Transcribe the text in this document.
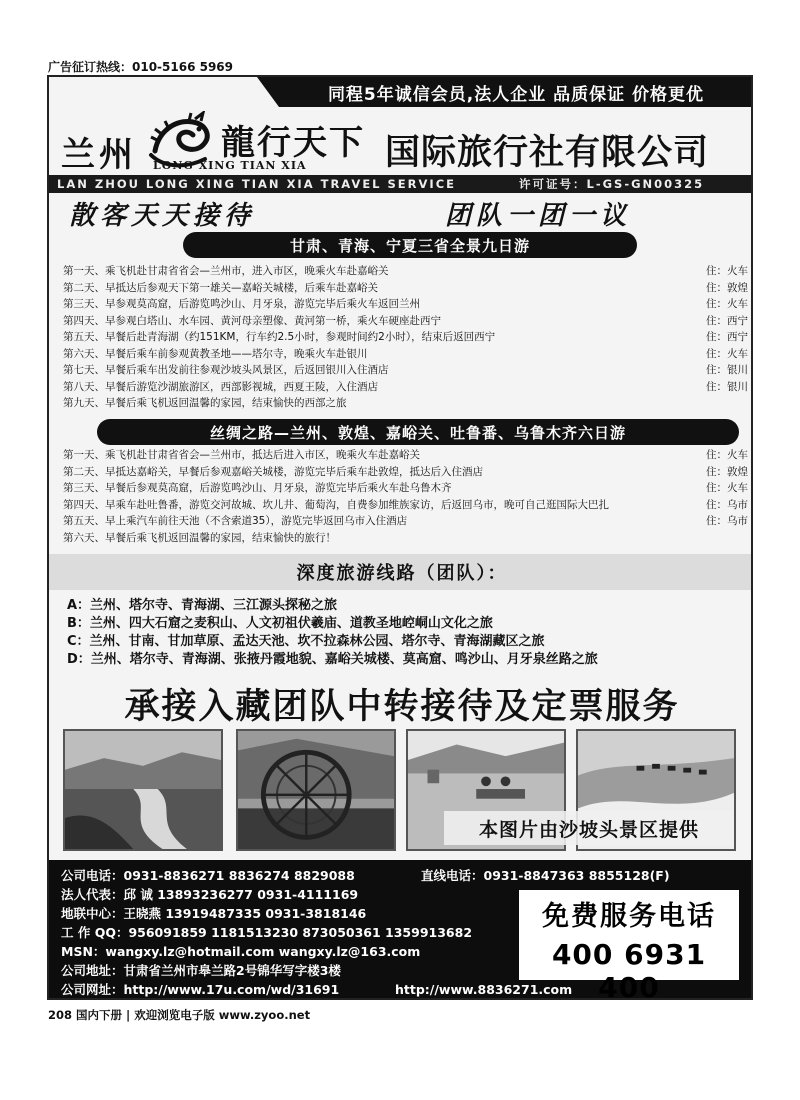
广告征订热线：010-5166 5969
同程5年诚信会员,法人企业 品质保证 价格更优
兰州 龍行天下
LONG XING TIAN XIA 国际旅行社有限公司
LAN ZHOU LONG XING TIAN XIA TRAVEL SERVICE	许可证号：L-GS-GN00325
散客天天接待	团队一团一议
甘肃、青海、宁夏三省全景九日游
第一天、乘飞机赴甘肃省省会—兰州市，进入市区，晚乘火车赴嘉峪关	住：火车
第二天、早抵达后参观天下第一雄关—嘉峪关城楼，后乘车赴嘉峪关	住：敦煌
第三天、早参观莫高窟，后游览鸣沙山、月牙泉，游览完毕后乘火车返回兰州	住：火车
第四天、早参观白塔山、水车园、黄河母亲塑像、黄河第一桥，乘火车硬座赴西宁	住：西宁
第五天、早餐后赴青海湖（约151KM，行车约2.5小时，参观时间约2小时），结束后返回西宁	住：西宁
第六天、早餐后乘车前参观黄教圣地——塔尔寺，晚乘火车赴银川	住：火车
第七天、早餐后乘车出发前往参观沙坡头风景区，后返回银川入住酒店	住：银川
第八天、早餐后游览沙湖旅游区，西部影视城，西夏王陵，入住酒店	住：银川
第九天、早餐后乘飞机返回温馨的家园，结束愉快的西部之旅
丝绸之路—兰州、敦煌、嘉峪关、吐鲁番、乌鲁木齐六日游
第一天、乘飞机赴甘肃省省会—兰州市，抵达后进入市区，晚乘火车赴嘉峪关	住：火车
第二天、早抵达嘉峪关，早餐后参观嘉峪关城楼，游览完毕后乘车赴敦煌，抵达后入住酒店	住：敦煌
第三天、早餐后参观莫高窟，后游览鸣沙山、月牙泉，游览完毕后乘火车赴乌鲁木齐	住：火车
第四天、早乘车赴吐鲁番，游览交河故城、坎儿井、葡萄沟，自费参加维族家访，后返回乌市，晚可自己逛国际大巴扎	住：乌市
第五天、早上乘汽车前往天池（不含索道35），游览完毕返回乌市入住酒店	住：乌市
第六天、早餐后乘飞机返回温馨的家园，结束愉快的旅行！
深度旅游线路（团队）：
A：兰州、塔尔寺、青海湖、三江源头探秘之旅
B：兰州、四大石窟之麦积山、人文初祖伏羲庙、道教圣地崆峒山文化之旅
C：兰州、甘南、甘加草原、孟达天池、坎不拉森林公园、塔尔寺、青海湖藏区之旅
D：兰州、塔尔寺、青海湖、张掖丹霞地貌、嘉峪关城楼、莫高窟、鸣沙山、月牙泉丝路之旅
承接入藏团队中转接待及定票服务
本图片由沙坡头景区提供
公司电话：0931-8836271 8836274 8829088
法人代表：邱 诚 13893236277 0931-4111169
地联中心：王晓燕 13919487335 0931-3818146
工 作 QQ：956091859 1181513230 873050361 1359913682
MSN：wangxy.lz@hotmail.com wangxy.lz@163.com
公司地址：甘肃省兰州市皋兰路2号锦华写字楼3楼
公司网址：http://www.17u.com/wd/31691
直线电话：0931-8847363 8855128(F)
http://www.8836271.com
免费服务电话
400 6931 400
208 国内下册 | 欢迎浏览电子版 www.zyoo.net
